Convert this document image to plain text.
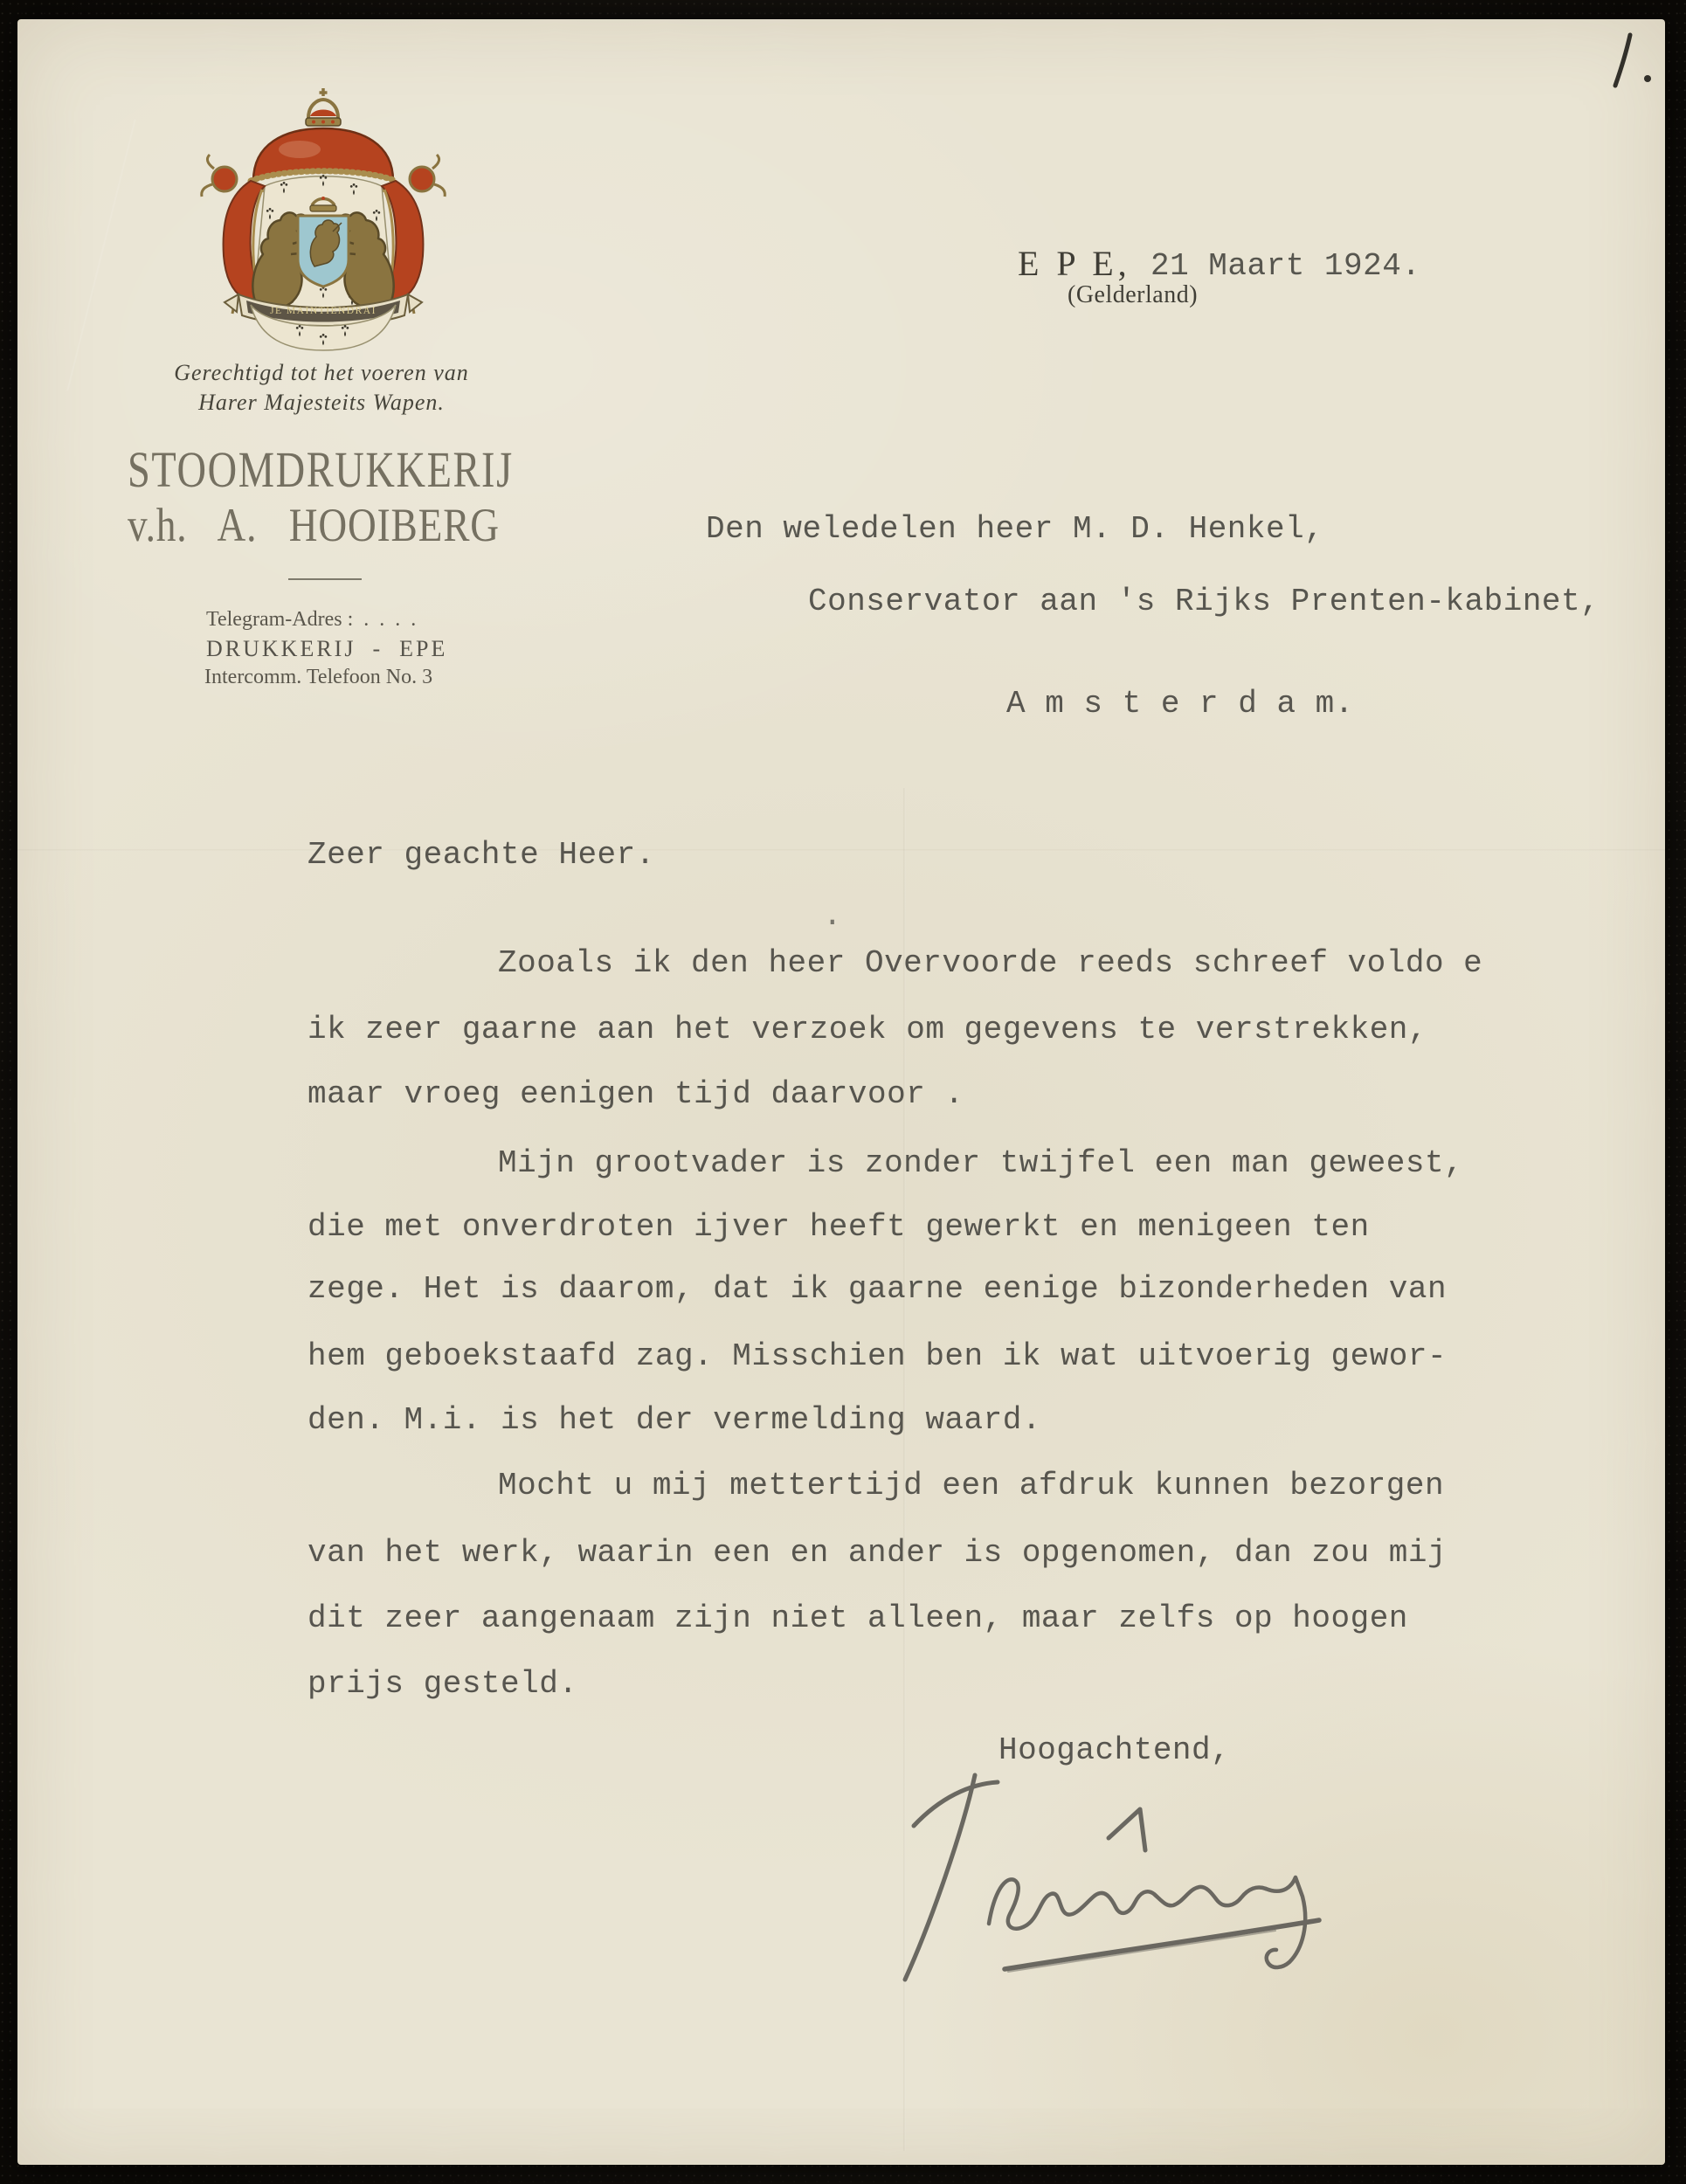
JE MAINTIENDRAI
Gerechtigd tot het voeren van
Harer Majesteits Wapen.
STOOMDRUKKERIJ
v.h.   A.   HOOIBERG
Telegram-Adres :  .  .  .  .
DRUKKERIJ  -  EPE
Intercomm. Telefoon No. 3
E P E, 21 Maart 1924.
(Gelderland)
Den weledelen heer M. D. Henkel,
Conservator aan 's Rijks Prenten-kabinet,
A m s t e r d a m.
Zeer geachte Heer.
.
Zooals ik den heer Overvoorde reeds schreef voldo e
ik zeer gaarne aan het verzoek om gegevens te verstrekken,
maar vroeg eenigen tijd daarvoor .
Mijn grootvader is zonder twijfel een man geweest,
die met onverdroten ijver heeft gewerkt en menigeen ten
zege. Het is daarom, dat ik gaarne eenige bizonderheden van
hem geboekstaafd zag. Misschien ben ik wat uitvoerig gewor-
den. M.i. is het der vermelding waard.
Mocht u mij mettertijd een afdruk kunnen bezorgen
van het werk, waarin een en ander is opgenomen, dan zou mij
dit zeer aangenaam zijn niet alleen, maar zelfs op hoogen
prijs gesteld.
Hoogachtend,
